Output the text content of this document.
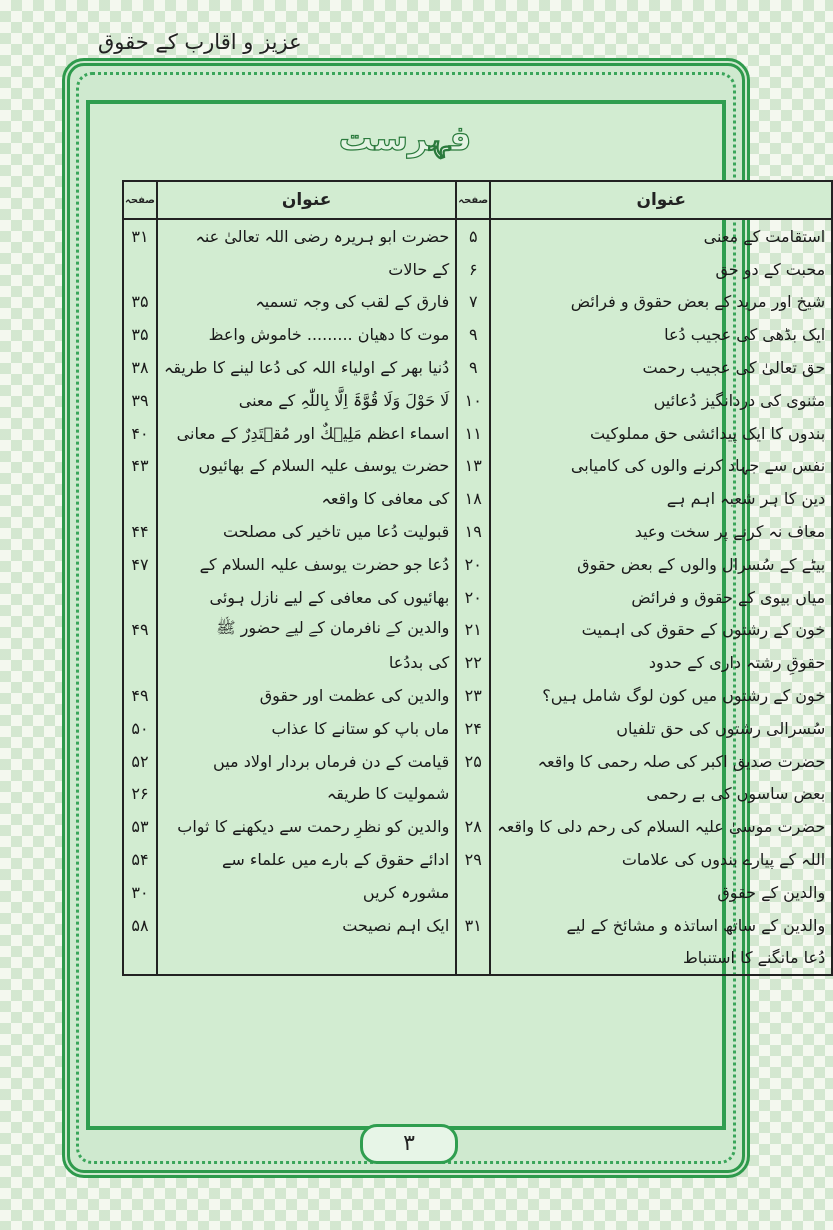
عزیز و اقارب کے حقوق
فہرست
عنوان	صفحہ	عنوان	صفحہ
استقامت کے معنی	۵	حضرت ابو ہریرہ رضی اللہ تعالیٰ عنہ	۳۱
محبت کے دو حق	۶	کے حالات	
شیخ اور مرید کے بعض حقوق و فرائض	۷	فارق کے لقب کی وجہ تسمیہ	۳۵
ایک بڈھی کی عجیب دُعا	۹	موت کا دھیان ......... خاموش واعظ	۳۵
حق تعالیٰ کی عجیب رحمت	۹	دُنیا بھر کے اولیاء اللہ کی دُعا لینے کا طریقہ	۳۸
مثنوی کی دردانگیز دُعائیں	۱۰	لَا حَوْلَ وَلَا قُوَّۃَ اِلَّا بِاللّٰہِ کے معنی	۳۹
بندوں کا ایک پیدائشی حق مملوکیت	۱۱	اسماء اعظم مَلِیۡكٌ اور مُقۡتَدِرٌ کے معانی	۴۰
نفس سے جہاد کرنے والوں کی کامیابی	۱۳	حضرت یوسف علیہ السلام کے بھائیوں	۴۳
دین کا ہر شعبہ اہم ہے	۱۸	کی معافی کا واقعہ	
معاف نہ کرنے پر سخت وعید	۱۹	قبولیت دُعا میں تاخیر کی مصلحت	۴۴
بیٹے کے سُسرال والوں کے بعض حقوق	۲۰	دُعا جو حضرت یوسف علیہ السلام کے	۴۷
میاں بیوی کے حقوق و فرائض	۲۰	بھائیوں کی معافی کے لیے نازل ہوئی	
خون کے رشتوں کے حقوق کی اہمیت	۲۱	والدین کے نافرمان کے لیے حضور ﷺ	۴۹
حقوقِ رشتہ داری کے حدود	۲۲	کی بددُعا	
خون کے رشتوں میں کون لوگ شامل ہیں؟	۲۳	والدین کی عظمت اور حقوق	۴۹
سُسرالی رشتوں کی حق تلفیاں	۲۴	ماں باپ کو ستانے کا عذاب	۵۰
حضرت صدیق اکبر کی صلہ رحمی کا واقعہ	۲۵	قیامت کے دن فرماں بردار اولاد میں	۵۲
بعض ساسوں کی بے رحمی		شمولیت کا طریقہ	۲۶
حضرت موسیٰ علیہ السلام کی رحم دلی کا واقعہ	۲۸	والدین کو نظرِ رحمت سے دیکھنے کا ثواب	۵۳
اللہ کے پیارے بندوں کی علامات	۲۹	ادائے حقوق کے بارے میں علماء سے	۵۴
والدین کے حقوق		مشورہ کریں	۳۰
والدین کے ساتھ اساتذہ و مشائخ کے لیے	۳۱	ایک اہم نصیحت	۵۸
دُعا مانگنے کا استنباط			
۳
